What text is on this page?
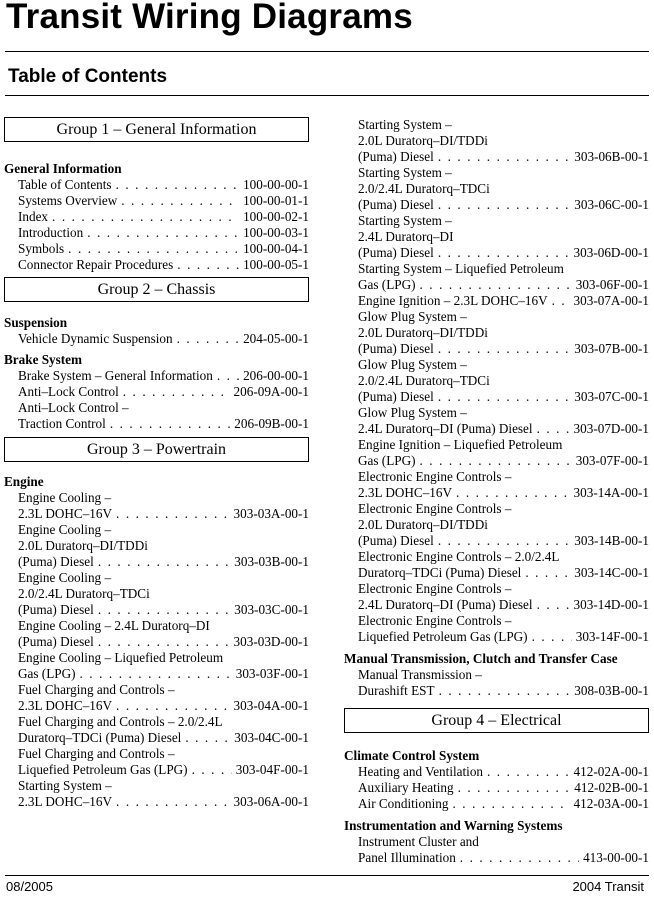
Transit Wiring Diagrams
Table of Contents
Group 1 – General Information
General Information
Table of Contents . . .	100-00-00-1
Systems Overview . . .	100-00-01-1
Index . . .	100-00-02-1
Introduction . . .	100-00-03-1
Symbols . . .	100-00-04-1
Connector Repair Procedures . . .	100-00-05-1
Group 2 – Chassis
Suspension
Vehicle Dynamic Suspension . . .	204-05-00-1
Brake System
Brake System – General Information . . . 206-00-00-1
Anti–Lock Control . . .	206-09A-00-1
Anti–Lock Control –
Traction Control . . .	206-09B-00-1
Group 3 – Powertrain
Engine
Engine Cooling –
2.3L DOHC–16V . . .	303-03A-00-1
Engine Cooling –
2.0L Duratorq–DI/TDDi
(Puma) Diesel . . .	303-03B-00-1
Engine Cooling –
2.0/2.4L Duratorq–TDCi
(Puma) Diesel . . .	303-03C-00-1
Engine Cooling – 2.4L Duratorq–DI
(Puma) Diesel . . .	303-03D-00-1
Engine Cooling – Liquefied Petroleum
Gas (LPG) . . .	303-03F-00-1
Fuel Charging and Controls –
2.3L DOHC–16V . . .	303-04A-00-1
Fuel Charging and Controls – 2.0/2.4L
Duratorq–TDCi (Puma) Diesel . . .	303-04C-00-1
Fuel Charging and Controls –
Liquefied Petroleum Gas (LPG) . . .	303-04F-00-1
Starting System –
2.3L DOHC–16V . . .	303-06A-00-1
Starting System –
2.0L Duratorq–DI/TDDi
(Puma) Diesel . . .	303-06B-00-1
Starting System –
2.0/2.4L Duratorq–TDCi
(Puma) Diesel . . .	303-06C-00-1
Starting System –
2.4L Duratorq–DI
(Puma) Diesel . . .	303-06D-00-1
Starting System – Liquefied Petroleum
Gas (LPG) . . .	303-06F-00-1
Engine Ignition – 2.3L DOHC–16V . . . 303-07A-00-1
Glow Plug System –
2.0L Duratorq–DI/TDDi
(Puma) Diesel . . .	303-07B-00-1
Glow Plug System –
2.0/2.4L Duratorq–TDCi
(Puma) Diesel . . .	303-07C-00-1
Glow Plug System –
2.4L Duratorq–DI (Puma) Diesel . . .	303-07D-00-1
Engine Ignition – Liquefied Petroleum
Gas (LPG) . . .	303-07F-00-1
Electronic Engine Controls –
2.3L DOHC–16V . . .	303-14A-00-1
Electronic Engine Controls –
2.0L Duratorq–DI/TDDi
(Puma) Diesel . . .	303-14B-00-1
Electronic Engine Controls – 2.0/2.4L
Duratorq–TDCi (Puma) Diesel . . .	303-14C-00-1
Electronic Engine Controls –
2.4L Duratorq–DI (Puma) Diesel . . .	303-14D-00-1
Electronic Engine Controls –
Liquefied Petroleum Gas (LPG) . . .	303-14F-00-1
Manual Transmission, Clutch and Transfer Case
Manual Transmission –
Durashift EST . . .	308-03B-00-1
Group 4 – Electrical
Climate Control System
Heating and Ventilation . . .	412-02A-00-1
Auxiliary Heating . . .	412-02B-00-1
Air Conditioning . . .	412-03A-00-1
Instrumentation and Warning Systems
Instrument Cluster and
Panel Illumination . . .	413-00-00-1
08/2005	2004 Transit
